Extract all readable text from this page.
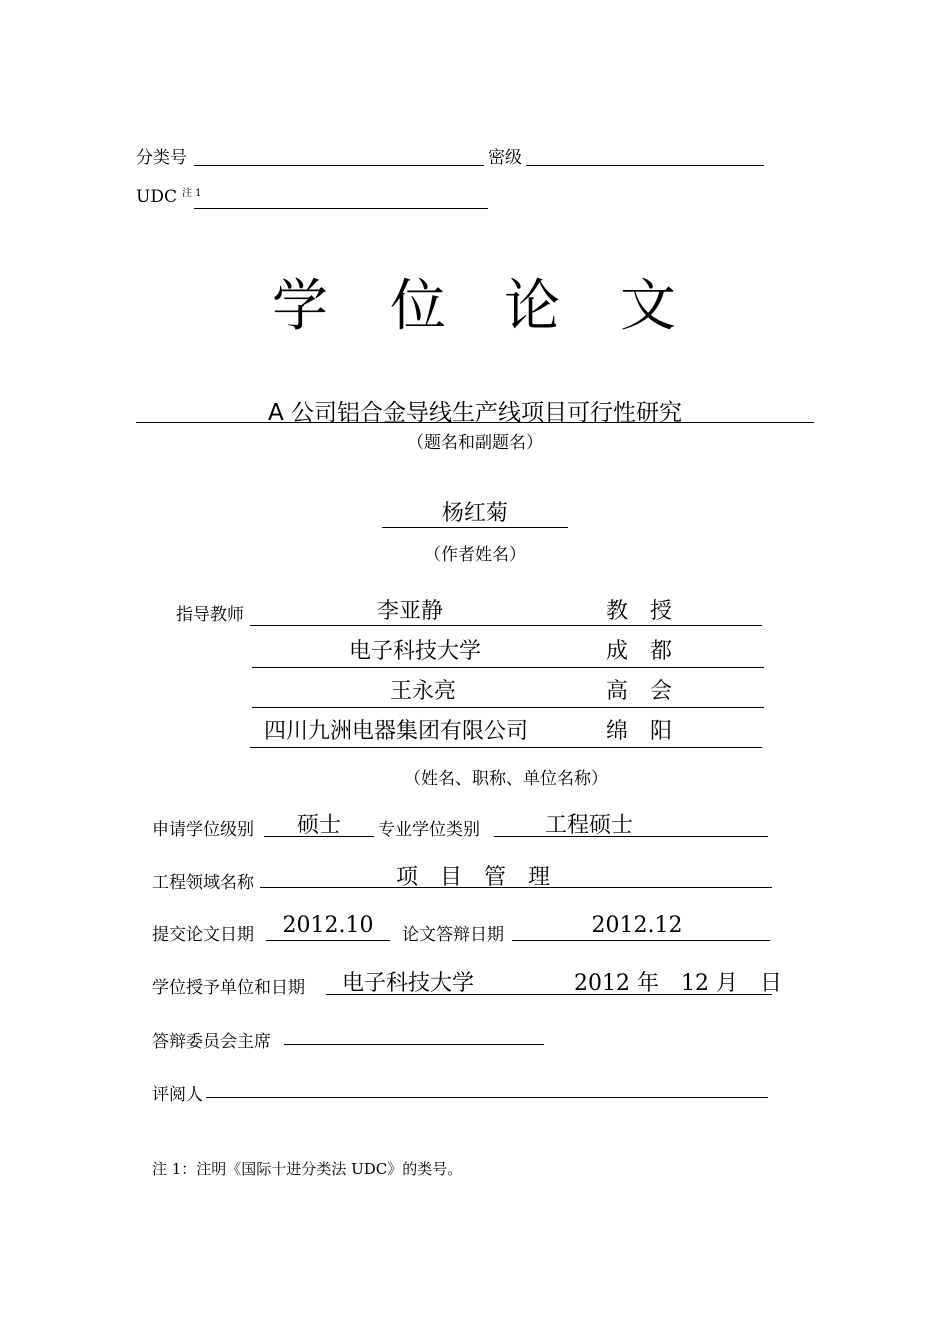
分类号	密级
UDC 注 1
学 位 论 文
A 公司铝合金导线生产线项目可行性研究
（题名和副题名）
杨红菊
（作者姓名）
指导教师	李亚静	教　授
电子科技大学	成　都
王永亮	高　会
四川九洲电器集团有限公司	绵　阳
（姓名、职称、单位名称）
申请学位级别	硕士	专业学位类别	工程硕士
工程领域名称	项　目　管　理
提交论文日期	2012.10	论文答辩日期	2012.12
学位授予单位和日期 电子科技大学	2012 年　12 月　日
答辩委员会主席
评阅人
注 1：注明《国际十进分类法 UDC》的类号。
